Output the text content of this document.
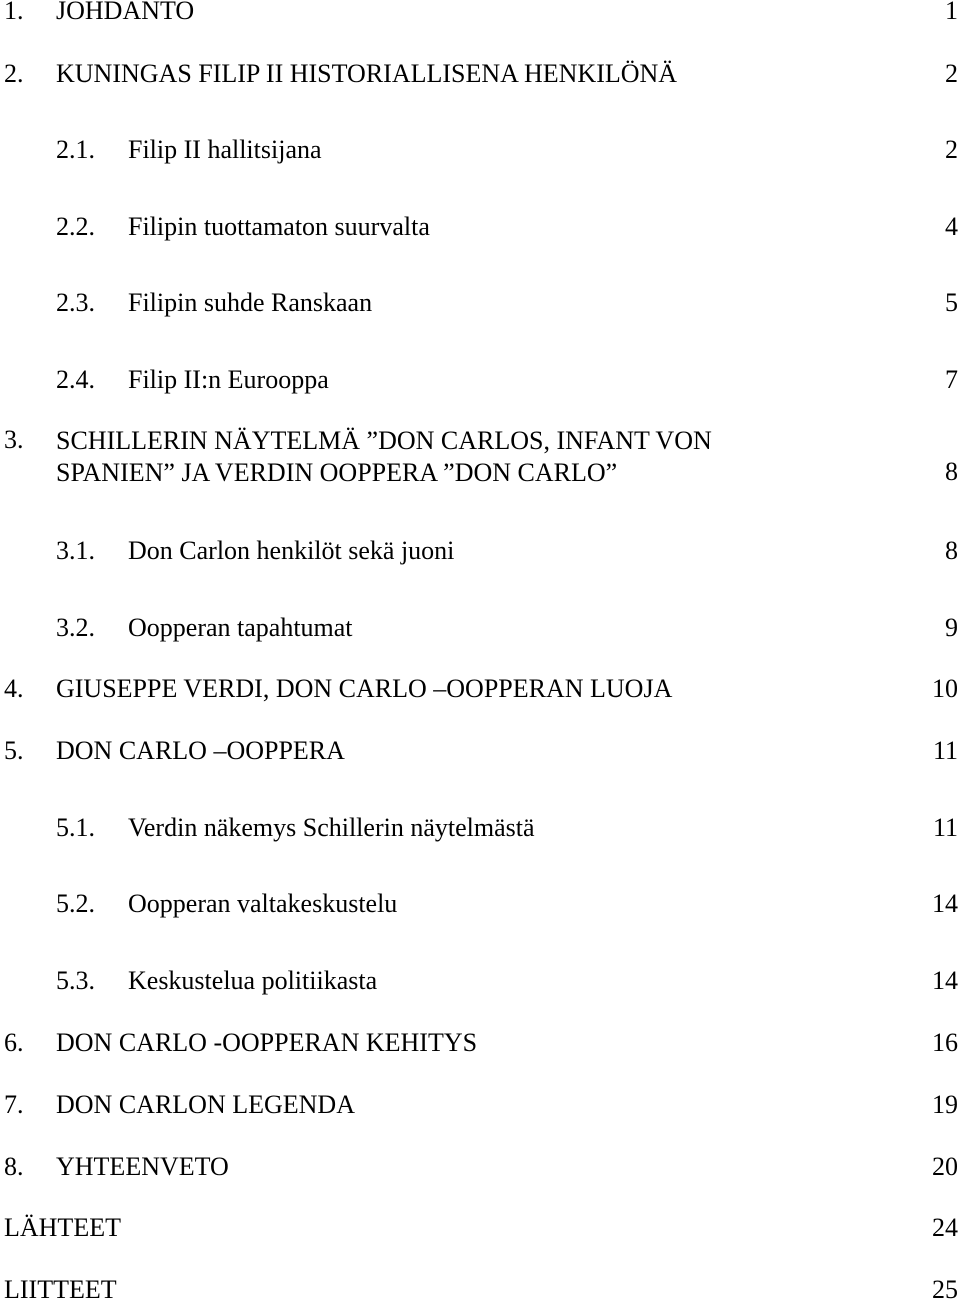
1. JOHDANTO	1
2. KUNINGAS FILIP II HISTORIALLISENA HENKILÖNÄ	2
2.1. Filip II hallitsijana	2
2.2. Filipin tuottamaton suurvalta	4
2.3. Filipin suhde Ranskaan	5
2.4. Filip II:n Eurooppa	7
3. SCHILLERIN NÄYTELMÄ ”DON CARLOS, INFANT VON
SPANIEN” JA VERDIN OOPPERA ”DON CARLO”	8
3.1. Don Carlon henkilöt sekä juoni	8
3.2. Oopperan tapahtumat	9
4. GIUSEPPE VERDI, DON CARLO –OOPPERAN LUOJA	10
5. DON CARLO –OOPPERA	11
5.1. Verdin näkemys Schillerin näytelmästä	11
5.2. Oopperan valtakeskustelu	14
5.3. Keskustelua politiikasta	14
6. DON CARLO -OOPPERAN KEHITYS	16
7. DON CARLON LEGENDA	19
8. YHTEENVETO	20
LÄHTEET	24
LIITTEET	25
